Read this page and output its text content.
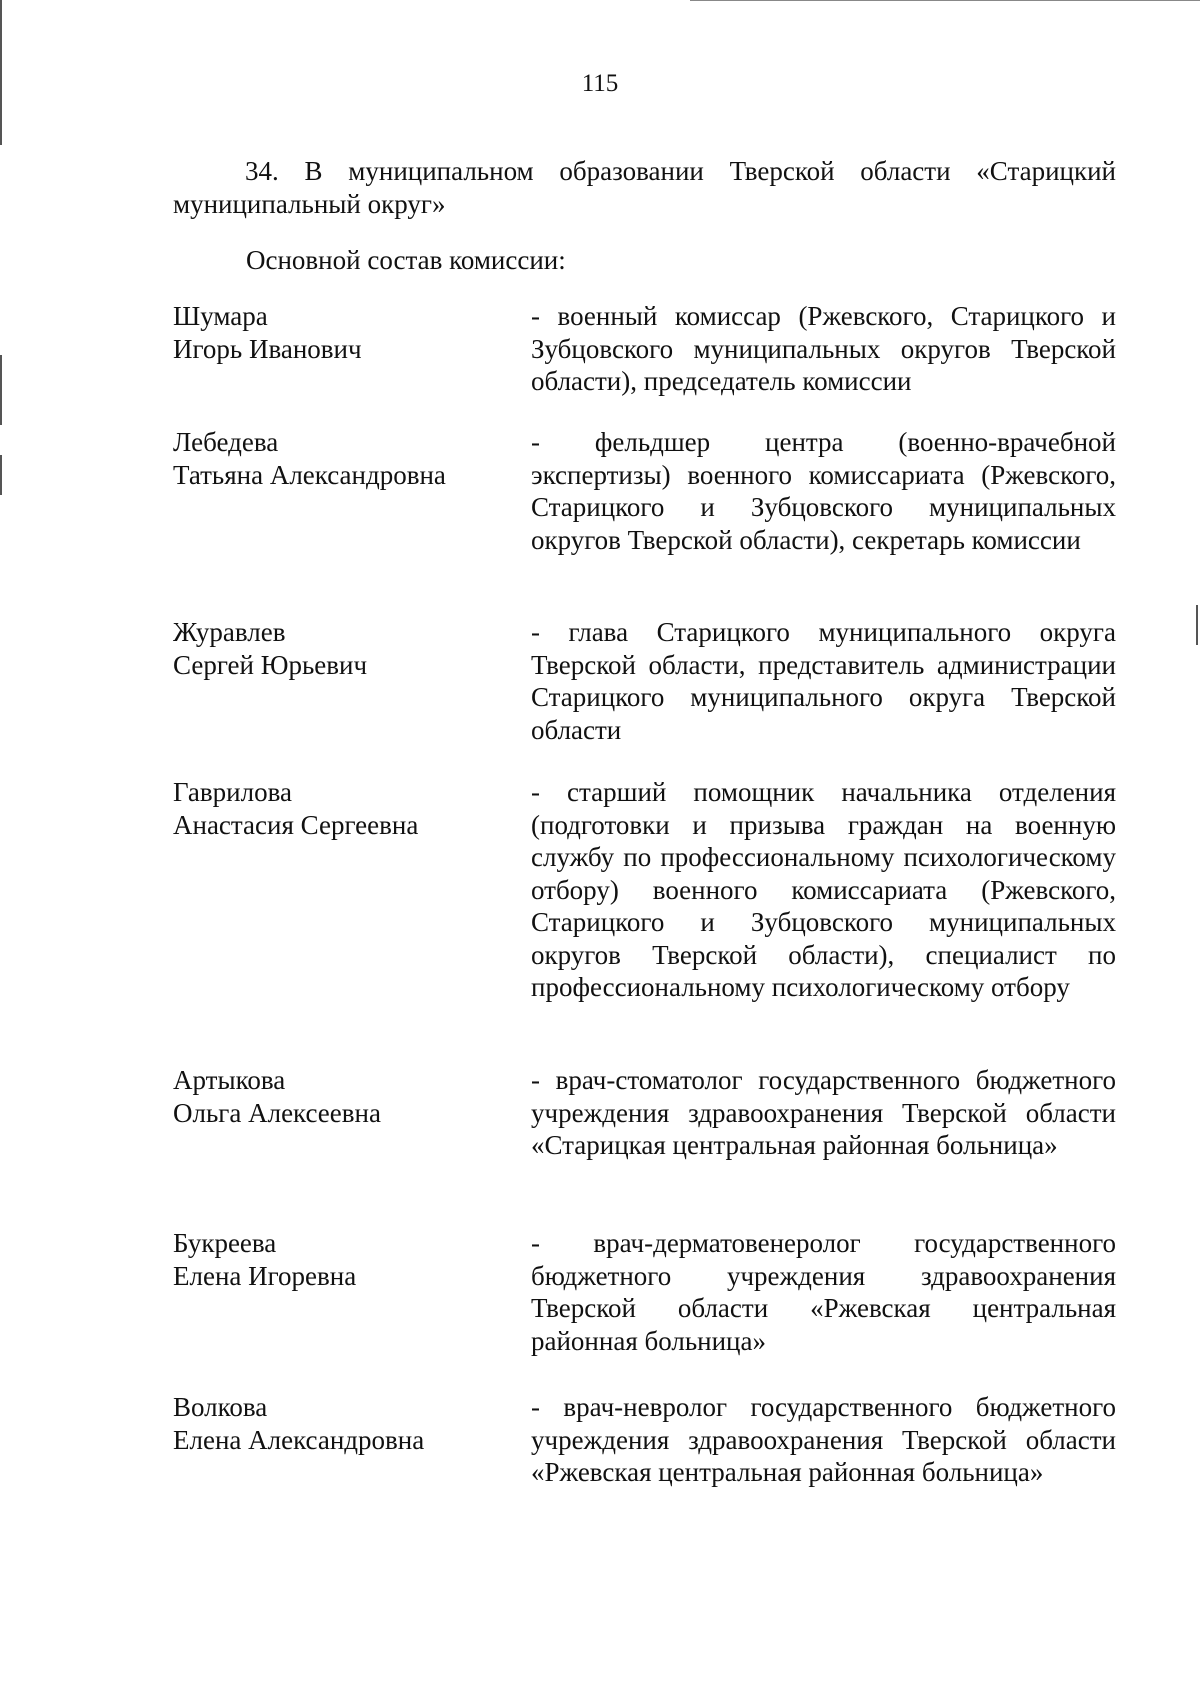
115
34. В муниципальном образовании Тверской области «Старицкий муниципальный округ»
Основной состав комиссии:
Шумара
Игорь Иванович
- военный комиссар (Ржевского, Старицкого и Зубцовского муниципальных округов Тверской области), председатель комиссии
Лебедева
Татьяна Александровна
- фельдшер центра (военно-врачебной экспертизы) военного комиссариата (Ржевского, Старицкого и Зубцовского муниципальных округов Тверской области), секретарь комиссии
Журавлев
Сергей Юрьевич
- глава Старицкого муниципального округа Тверской области, представитель администрации Старицкого муниципального округа Тверской области
Гаврилова
Анастасия Сергеевна
- старший помощник начальника отделения (подготовки и призыва граждан на военную службу по профессиональному психологическому отбору) военного комиссариата (Ржевского, Старицкого и Зубцовского муниципальных округов Тверской области), специалист по профессиональному психологическому отбору
Артыкова
Ольга Алексеевна
- врач-стоматолог государственного бюджетного учреждения здравоохранения Тверской области «Старицкая центральная районная больница»
Букреева
Елена Игоревна
- врач-дерматовенеролог государственного бюджетного учреждения здравоохранения Тверской области «Ржевская центральная районная больница»
Волкова
Елена Александровна
- врач-невролог государственного бюджетного учреждения здравоохранения Тверской области «Ржевская центральная районная больница»
